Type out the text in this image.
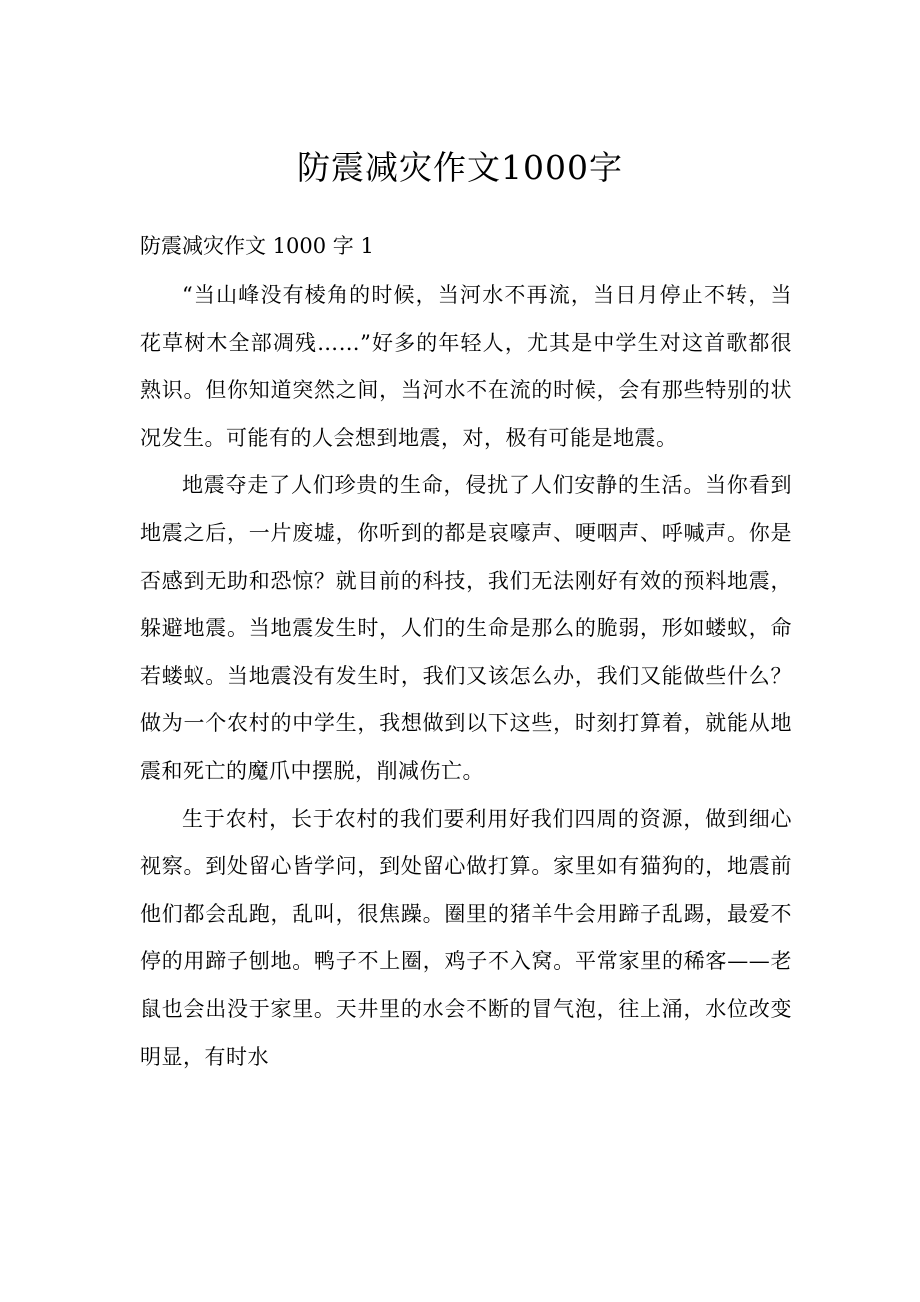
防震减灾作文1000字

防震减灾作文 1000 字 1

“当山峰没有棱角的时候，当河水不再流，当日月停止不转，当花草树木全部凋残……”好多的年轻人，尤其是中学生对这首歌都很熟识。但你知道突然之间，当河水不在流的时候，会有那些特别的状况发生。可能有的人会想到地震，对，极有可能是地震。

地震夺走了人们珍贵的生命，侵扰了人们安静的生活。当你看到地震之后，一片废墟，你听到的都是哀嚎声、哽咽声、呼喊声。你是否感到无助和恐惊？就目前的科技，我们无法刚好有效的预料地震，躲避地震。当地震发生时，人们的生命是那么的脆弱，形如蝼蚁，命若蝼蚁。当地震没有发生时，我们又该怎么办，我们又能做些什么？做为一个农村的中学生，我想做到以下这些，时刻打算着，就能从地震和死亡的魔爪中摆脱，削减伤亡。

生于农村，长于农村的我们要利用好我们四周的资源，做到细心视察。到处留心皆学问，到处留心做打算。家里如有猫狗的，地震前他们都会乱跑，乱叫，很焦躁。圈里的猪羊牛会用蹄子乱踢，最爱不停的用蹄子刨地。鸭子不上圈，鸡子不入窝。平常家里的稀客——老鼠也会出没于家里。天井里的水会不断的冒气泡，往上涌，水位改变明显，有时水
